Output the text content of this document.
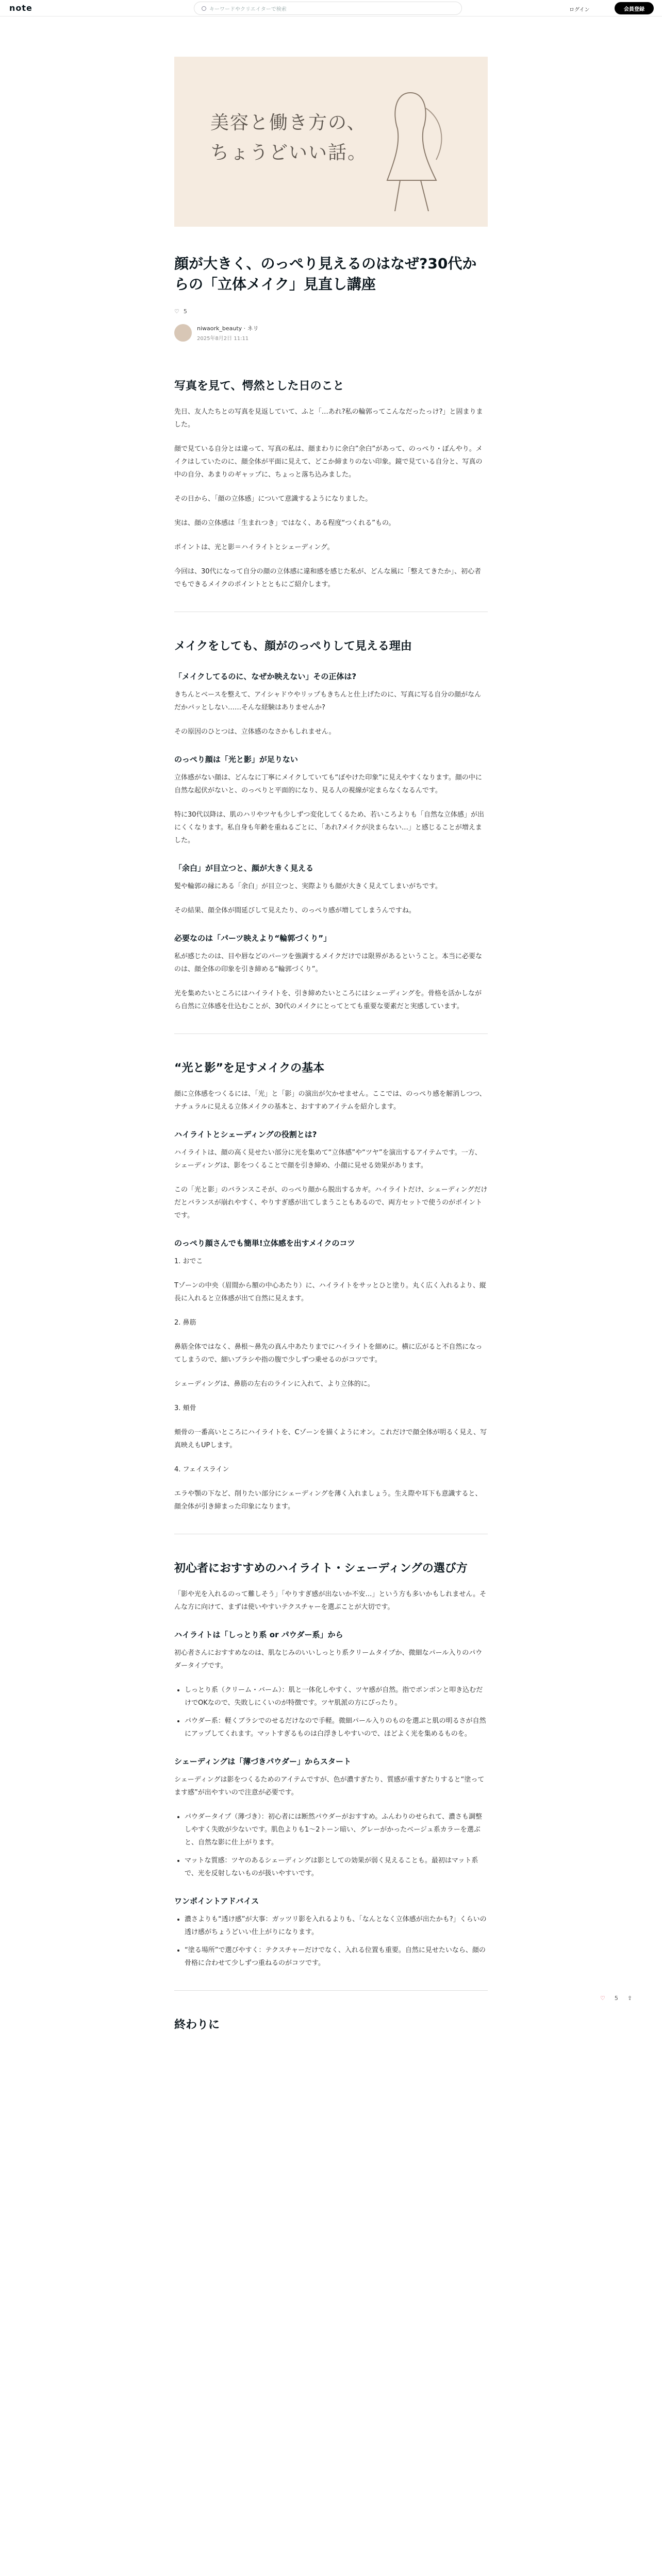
note	キーワードやクリエイターで検索	ログイン	会員登録
美容と働き方の、
ちょうどいい話。
顔が大きく、のっぺり見えるのはなぜ?30代からの「立体メイク」見直し講座
♡ 5
niwaork_beauty · ネリ
2025年8月2日 11:11
写真を見て、愕然とした日のこと

先日、友人たちとの写真を見返していて、ふと「…あれ?私の輪郭ってこんなだったっけ?」と固まりました。

顔で見ている自分とは違って、写真の私は、顔まわりに余白”余白”があって、のっぺり・ぼんやり。メイクはしていたのに、顔全体が平面に見えて、どこか締まりのない印象。鏡で見ている自分と、写真の中の自分、あまりのギャップに、ちょっと落ち込みました。

その日から、「顔の立体感」について意識するようになりました。

実は、顔の立体感は「生まれつき」ではなく、ある程度“つくれる”もの。

ポイントは、光と影＝ハイライトとシェーディング。

今回は、30代になって自分の顔の立体感に違和感を感じた私が、どんな風に「整えてきたか」、初心者でもできるメイクのポイントとともにご紹介します。

メイクをしても、顔がのっぺりして見える理由
「メイクしてるのに、なぜか映えない」その正体は?

きちんとベースを整えて、アイシャドウやリップもきちんと仕上げたのに、写真に写る自分の顔がなんだかパッとしない……そんな経験はありませんか?

その原因のひとつは、立体感のなさかもしれません。

のっぺり顔は「光と影」が足りない

立体感がない顔は、どんなに丁寧にメイクしていても“ぼやけた印象”に見えやすくなります。顔の中に自然な起伏がないと、のっぺりと平面的になり、見る人の視線が定まらなくなるんです。

特に30代以降は、肌のハリやツヤも少しずつ変化してくるため、若いころよりも「自然な立体感」が出にくくなります。私自身も年齢を重ねるごとに、「あれ?メイクが決まらない…」と感じることが増えました。

「余白」が目立つと、顔が大きく見える

髪や輪郭の縁にある「余白」が目立つと、実際よりも顔が大きく見えてしまいがちです。

その結果、顔全体が間延びして見えたり、のっぺり感が増してしまうんですね。

必要なのは「パーツ映えより“輪郭づくり”」

私が感じたのは、目や唇などのパーツを強調するメイクだけでは限界があるということ。本当に必要なのは、顔全体の印象を引き締める“輪郭づくり”。

光を集めたいところにはハイライトを、引き締めたいところにはシェーディングを。骨格を活かしながら自然に立体感を仕込むことが、30代のメイクにとってとても重要な要素だと実感しています。

“光と影”を足すメイクの基本

顔に立体感をつくるには、「光」と「影」の演出が欠かせません。ここでは、のっぺり感を解消しつつ、ナチュラルに見える立体メイクの基本と、おすすめアイテムを紹介します。

ハイライトとシェーディングの役割とは?

ハイライトは、顔の高く見せたい部分に光を集めて“立体感”や“ツヤ”を演出するアイテムです。一方、シェーディングは、影をつくることで顔を引き締め、小顔に見せる効果があります。

この「光と影」のバランスこそが、のっぺり顔から脱出するカギ。ハイライトだけ、シェーディングだけだとバランスが崩れやすく、やりすぎ感が出てしまうこともあるので、両方セットで使うのがポイントです。

のっぺり顔さんでも簡単!立体感を出すメイクのコツ

1. おでこ

Tゾーンの中央（眉間から額の中心あたり）に、ハイライトをサッとひと塗り。丸く広く入れるより、縦長に入れると立体感が出て自然に見えます。

2. 鼻筋

鼻筋全体ではなく、鼻根〜鼻先の真ん中あたりまでにハイライトを細めに。横に広がると不自然になってしまうので、細いブラシや指の腹で少しずつ乗せるのがコツです。

シェーディングは、鼻筋の左右のラインに入れて、より立体的に。

3. 頬骨

頬骨の一番高いところにハイライトを、Cゾーンを描くようにオン。これだけで顔全体が明るく見え、写真映えもUPします。

4. フェイスライン

エラや顎の下など、削りたい部分にシェーディングを薄く入れましょう。生え際や耳下も意識すると、顔全体が引き締まった印象になります。

初心者におすすめのハイライト・シェーディングの選び方

「影や光を入れるのって難しそう」「やりすぎ感が出ないか不安…」という方も多いかもしれません。そんな方に向けて、まずは使いやすいテクスチャーを選ぶことが大切です。

ハイライトは「しっとり系 or パウダー系」から

初心者さんにおすすめなのは、肌なじみのいいしっとり系クリームタイプか、微細なパール入りのパウダータイプです。

• しっとり系（クリーム・バーム）：肌と一体化しやすく、ツヤ感が自然。指でポンポンと叩き込むだけでOKなので、失敗しにくいのが特徴です。ツヤ肌派の方にぴったり。
• パウダー系：軽くブラシでのせるだけなので手軽。微細パール入りのものを選ぶと肌の明るさが自然にアップしてくれます。マットすぎるものは白浮きしやすいので、ほどよく光を集めるものを。
シェーディングは「薄づきパウダー」からスタート

シェーディングは影をつくるためのアイテムですが、色が濃すぎたり、質感が重すぎたりすると“塗ってます感”が出やすいので注意が必要です。

• パウダータイプ（薄づき）：初心者には断然パウダーがおすすめ。ふんわりのせられて、濃さも調整しやすく失敗が少ないです。肌色よりも1〜2トーン暗い、グレーがかったベージュ系カラーを選ぶと、自然な影に仕上がります。
• マットな質感：ツヤのあるシェーディングは影としての効果が弱く見えることも。最初はマット系で、光を反射しないものが扱いやすいです。
ワンポイントアドバイス
• 濃さよりも“透け感”が大事：ガッツリ影を入れるよりも、「なんとなく立体感が出たかも?」くらいの透け感がちょうどいい仕上がりになります。
• “塗る場所”で選びやすく：テクスチャーだけでなく、入れる位置も重要。自然に見せたいなら、顔の骨格に合わせて少しずつ重ねるのがコツです。
終わりに
♡ 5 ⇪
